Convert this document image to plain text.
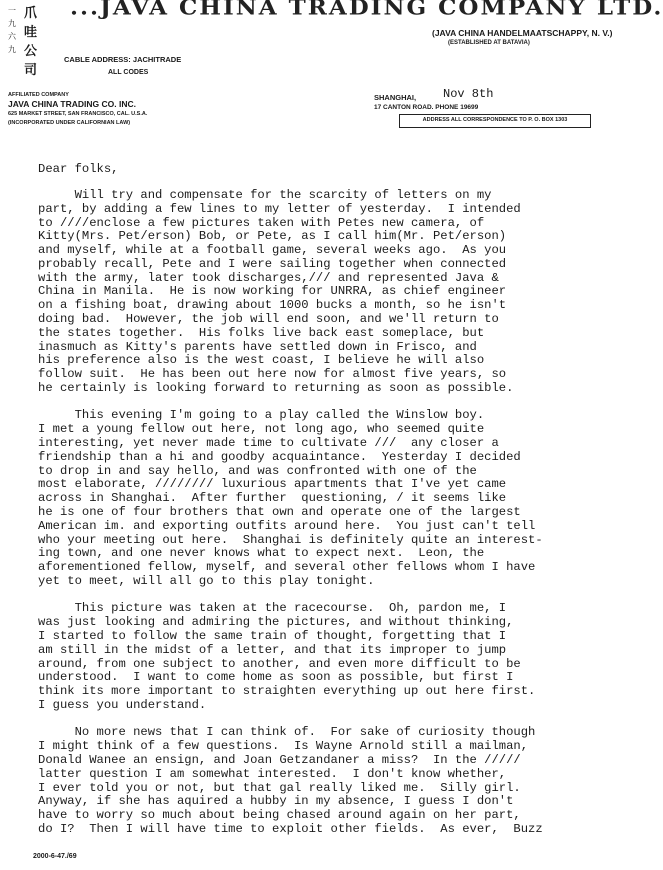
一九六九
爪哇公司
...JAVA CHINA TRADING COMPANY LTD.
(JAVA CHINA HANDELMAATSCHAPPY, N. V.)
(ESTABLISHED AT BATAVIA)
CABLE ADDRESS: JACHITRADE
ALL CODES
AFFILIATED COMPANY
JAVA CHINA TRADING CO. INC.
625 MARKET STREET, SAN FRANCISCO, CAL. U.S.A.
(INCORPORATED UNDER CALIFORNIAN LAW)
SHANGHAI, Nov 8th
17 CANTON ROAD. PHONE 19699
ADDRESS ALL CORRESPONDENCE TO P. O. BOX 1303
Dear folks,
Will try and compensate for the scarcity of letters on my
part, by adding a few lines to my letter of yesterday.  I intended
to ////enclose a few pictures taken with Petes new camera, of
Kitty(Mrs. Pet/erson) Bob, or Pete, as I call him(Mr. Pet/erson)
and myself, while at a football game, several weeks ago.  As you
probably recall, Pete and I were sailing together when connected
with the army, later took discharges,/// and represented Java &
China in Manila.  He is now working for UNRRA, as chief engineer
on a fishing boat, drawing about 1000 bucks a month, so he isn't
doing bad.  However, the job will end soon, and we'll return to
the states together.  His folks live back east someplace, but
inasmuch as Kitty's parents have settled down in Frisco, and
his preference also is the west coast, I believe he will also
follow suit.  He has been out here now for almost five years, so
he certainly is looking forward to returning as soon as possible.
This evening I'm going to a play called the Winslow boy.
I met a young fellow out here, not long ago, who seemed quite
interesting, yet never made time to cultivate ///  any closer a
friendship than a hi and goodby acquaintance.  Yesterday I decided
to drop in and say hello, and was confronted with one of the
most elaborate, //////// luxurious apartments that I've yet came
across in Shanghai.  After further  questioning, / it seems like
he is one of four brothers that own and operate one of the largest
American im. and exporting outfits around here.  You just can't tell
who your meeting out here.  Shanghai is definitely quite an interest-
ing town, and one never knows what to expect next.  Leon, the
aforementioned fellow, myself, and several other fellows whom I have
yet to meet, will all go to this play tonight.
This picture was taken at the racecourse.  Oh, pardon me, I
was just looking and admiring the pictures, and without thinking,
I started to follow the same train of thought, forgetting that I
am still in the midst of a letter, and that its improper to jump
around, from one subject to another, and even more difficult to be
understood.  I want to come home as soon as possible, but first I
think its more important to straighten everything up out here first.
I guess you understand.
No more news that I can think of.  For sake of curiosity though
I might think of a few questions.  Is Wayne Arnold still a mailman,
Donald Wanee an ensign, and Joan Getzandaner a miss?  In the /////
latter question I am somewhat interested.  I don't know whether,
I ever told you or not, but that gal really liked me.  Silly girl.
Anyway, if she has aquired a hubby in my absence, I guess I don't
have to worry so much about being chased around again on her part,
do I?  Then I will have time to exploit other fields.  As ever,  Buzz
2000-6-47./69
